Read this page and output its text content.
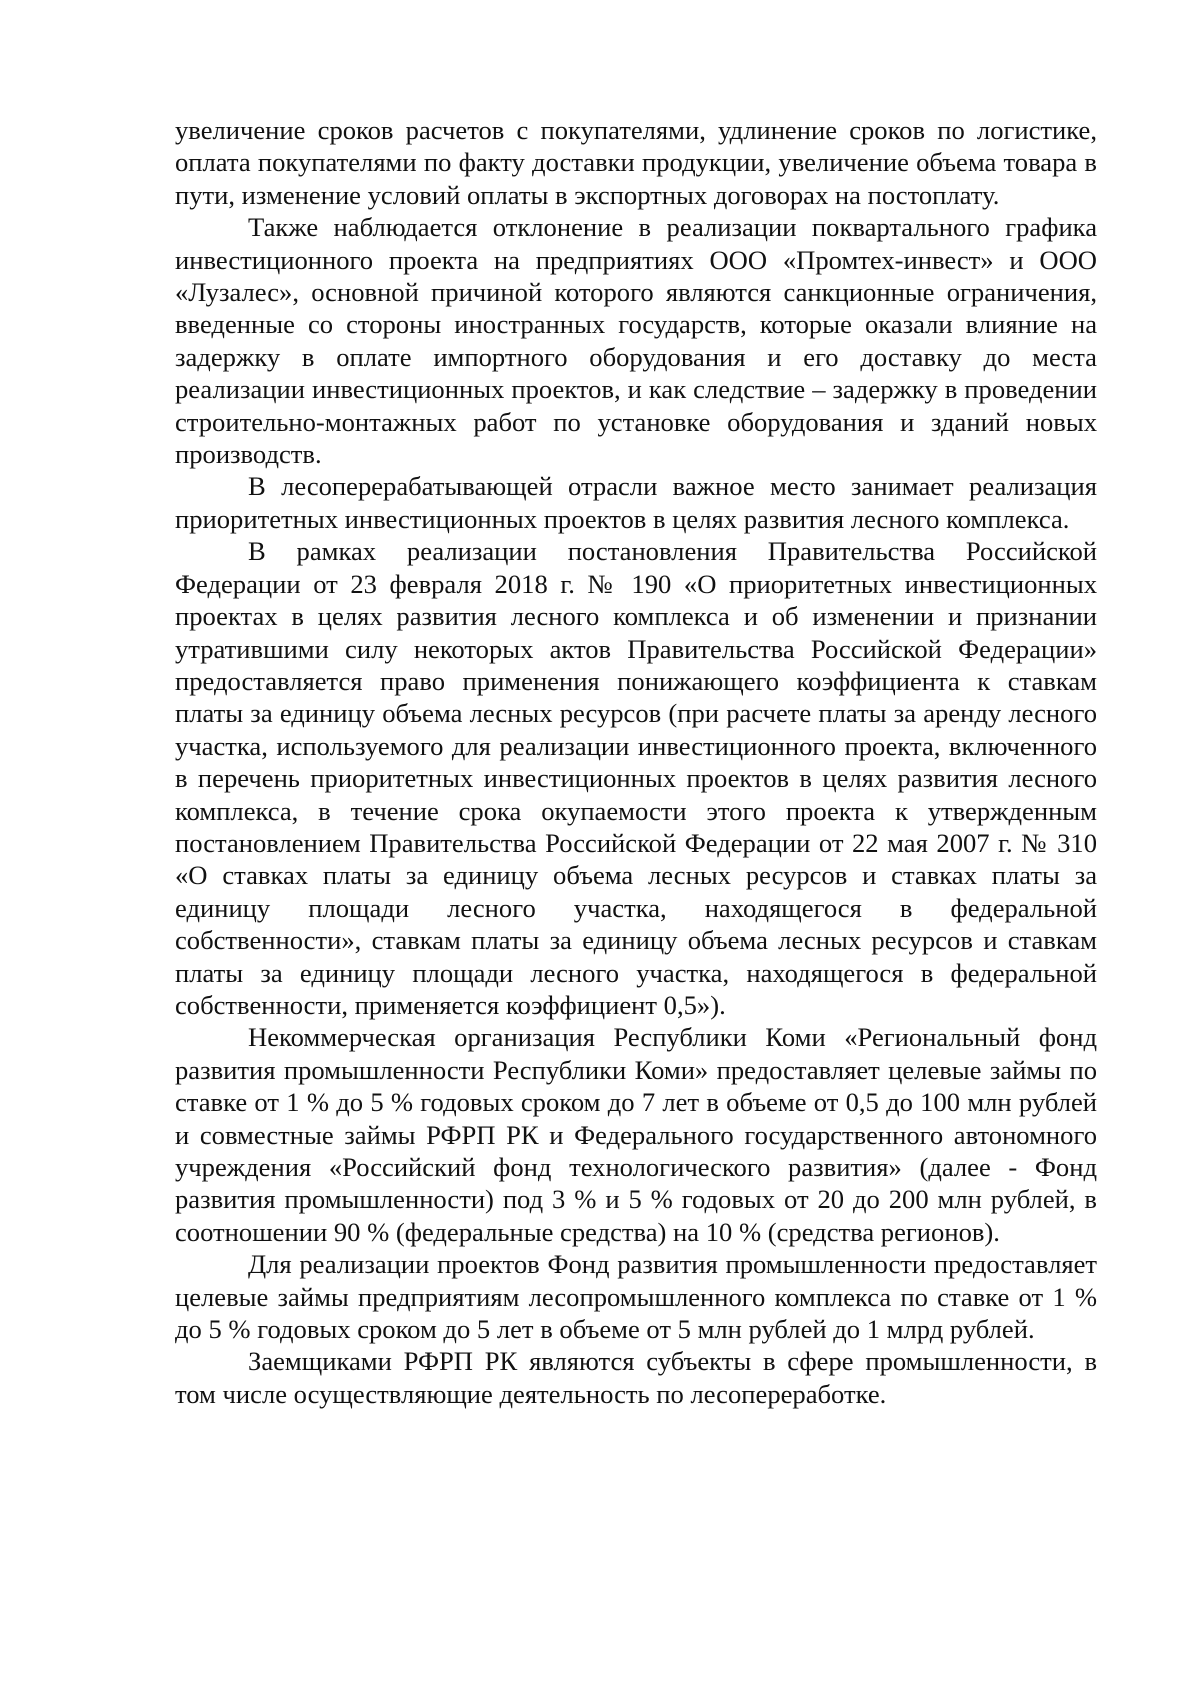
увеличение сроков расчетов с покупателями, удлинение сроков по логистике, оплата покупателями по факту доставки продукции, увеличение объема товара в пути, изменение условий оплаты в экспортных договорах на постоплату.

Также наблюдается отклонение в реализации поквартального графика инвестиционного проекта на предприятиях ООО «Промтех-инвест» и ООО «Лузалес», основной причиной которого являются санкционные ограничения, введенные со стороны иностранных государств, которые оказали влияние на задержку в оплате импортного оборудования и его доставку до места реализации инвестиционных проектов, и как следствие – задержку в проведении строительно-монтажных работ по установке оборудования и зданий новых производств.

В лесоперерабатывающей отрасли важное место занимает реализация приоритетных инвестиционных проектов в целях развития лесного комплекса.

В рамках реализации постановления Правительства Российской Федерации от 23 февраля 2018 г. № 190 «О приоритетных инвестиционных проектах в целях развития лесного комплекса и об изменении и признании утратившими силу некоторых актов Правительства Российской Федерации» предоставляется право применения понижающего коэффициента к ставкам платы за единицу объема лесных ресурсов (при расчете платы за аренду лесного участка, используемого для реализации инвестиционного проекта, включенного в перечень приоритетных инвестиционных проектов в целях развития лесного комплекса, в течение срока окупаемости этого проекта к утвержденным постановлением Правительства Российской Федерации от 22 мая 2007 г. № 310 «О ставках платы за единицу объема лесных ресурсов и ставках платы за единицу площади лесного участка, находящегося в федеральной собственности», ставкам платы за единицу объема лесных ресурсов и ставкам платы за единицу площади лесного участка, находящегося в федеральной собственности, применяется коэффициент 0,5»).

Некоммерческая организация Республики Коми «Региональный фонд развития промышленности Республики Коми» предоставляет целевые займы по ставке от 1 % до 5 % годовых сроком до 7 лет в объеме от 0,5 до 100 млн рублей и совместные займы РФРП РК и Федерального государственного автономного учреждения «Российский фонд технологического развития» (далее - Фонд развития промышленности) под 3 % и 5 % годовых от 20 до 200 млн рублей, в соотношении 90 % (федеральные средства) на 10 % (средства регионов).

Для реализации проектов Фонд развития промышленности предоставляет целевые займы предприятиям лесопромышленного комплекса по ставке от 1 % до 5 % годовых сроком до 5 лет в объеме от 5 млн рублей до 1 млрд рублей.

Заемщиками РФРП РК являются субъекты в сфере промышленности, в том числе осуществляющие деятельность по лесопереработке.
